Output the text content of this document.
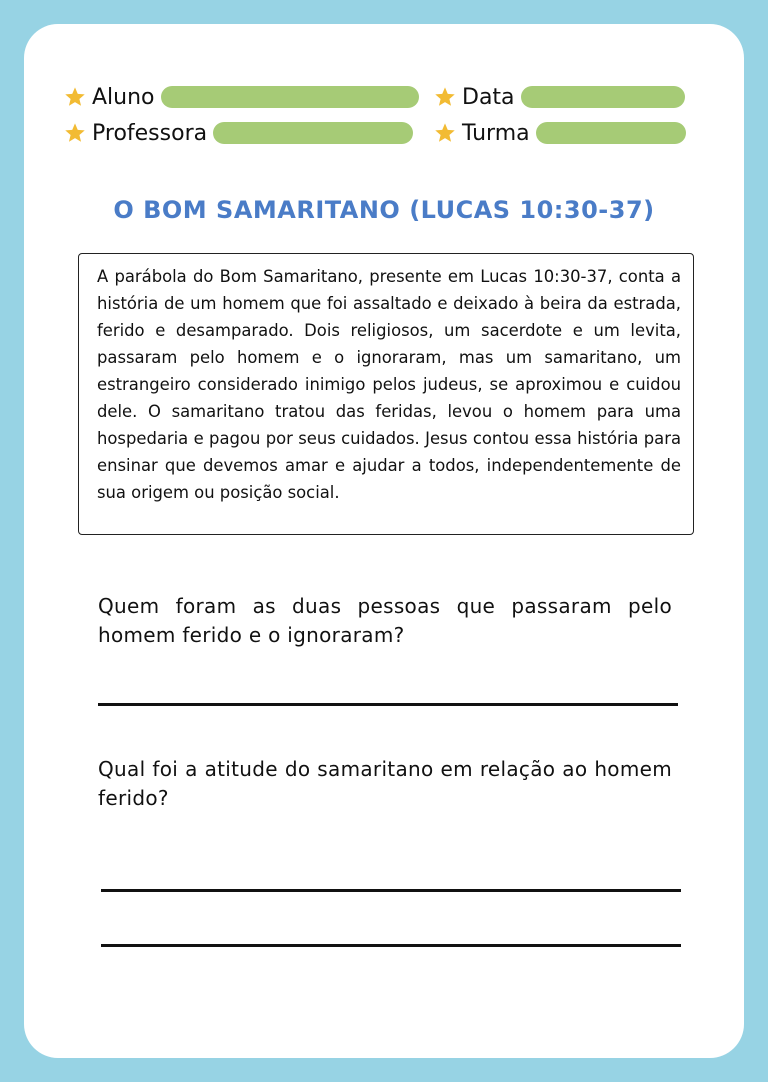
Aluno	Data
Professora	Turma
O BOM SAMARITANO (LUCAS 10:30-37)
A parábola do Bom Samaritano, presente em Lucas 10:30-37, conta a história de um homem que foi assaltado e deixado à beira da estrada, ferido e desamparado. Dois religiosos, um sacerdote e um levita, passaram pelo homem e o ignoraram, mas um samaritano, um estrangeiro considerado inimigo pelos judeus, se aproximou e cuidou dele. O samaritano tratou das feridas, levou o homem para uma hospedaria e pagou por seus cuidados. Jesus contou essa história para ensinar que devemos amar e ajudar a todos, independentemente de sua origem ou posição social.
Quem foram as duas pessoas que passaram pelo homem ferido e o ignoraram?
Qual foi a atitude do samaritano em relação ao homem ferido?
